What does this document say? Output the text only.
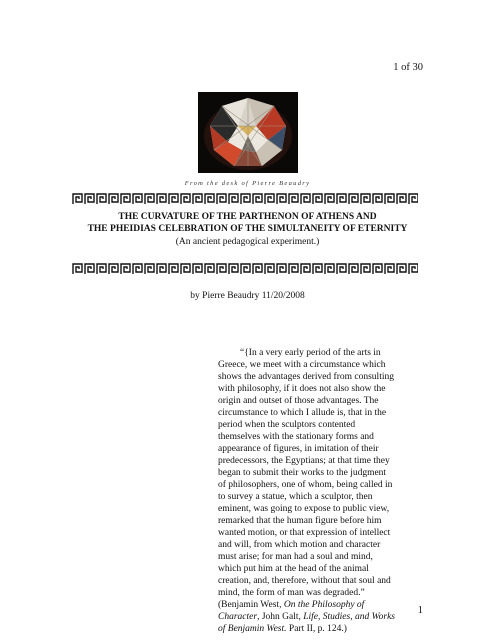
1 of 30
From the desk of Pierre Beaudry
THE CURVATURE OF THE PARTHENON OF ATHENS AND
THE PHEIDIAS CELEBRATION OF THE SIMULTANEITY OF ETERNITY
(An ancient pedagogical experiment.)
by Pierre Beaudry 11/20/2008

“{In a very early period of the arts in Greece, we meet with a circumstance which shows the advantages derived from consulting with philosophy, if it does not also show the origin and outset of those advantages. The circumstance to which I allude is, that in the period when the sculptors contented themselves with the stationary forms and appearance of figures, in imitation of their predecessors, the Egyptians; at that time they began to submit their works to the judgment of philosophers, one of whom, being called in to survey a statue, which a sculptor, then eminent, was going to expose to public view, remarked that the human figure before him wanted motion, or that expression of intellect and will, from which motion and character must arise; for man had a soul and mind, which put him at the head of the animal creation, and, therefore, without that soul and mind, the form of man was degraded.” (Benjamin West, On the Philosophy of Character, John Galt, Life, Studies, and Works of Benjamin West. Part II, p. 124.)

1
